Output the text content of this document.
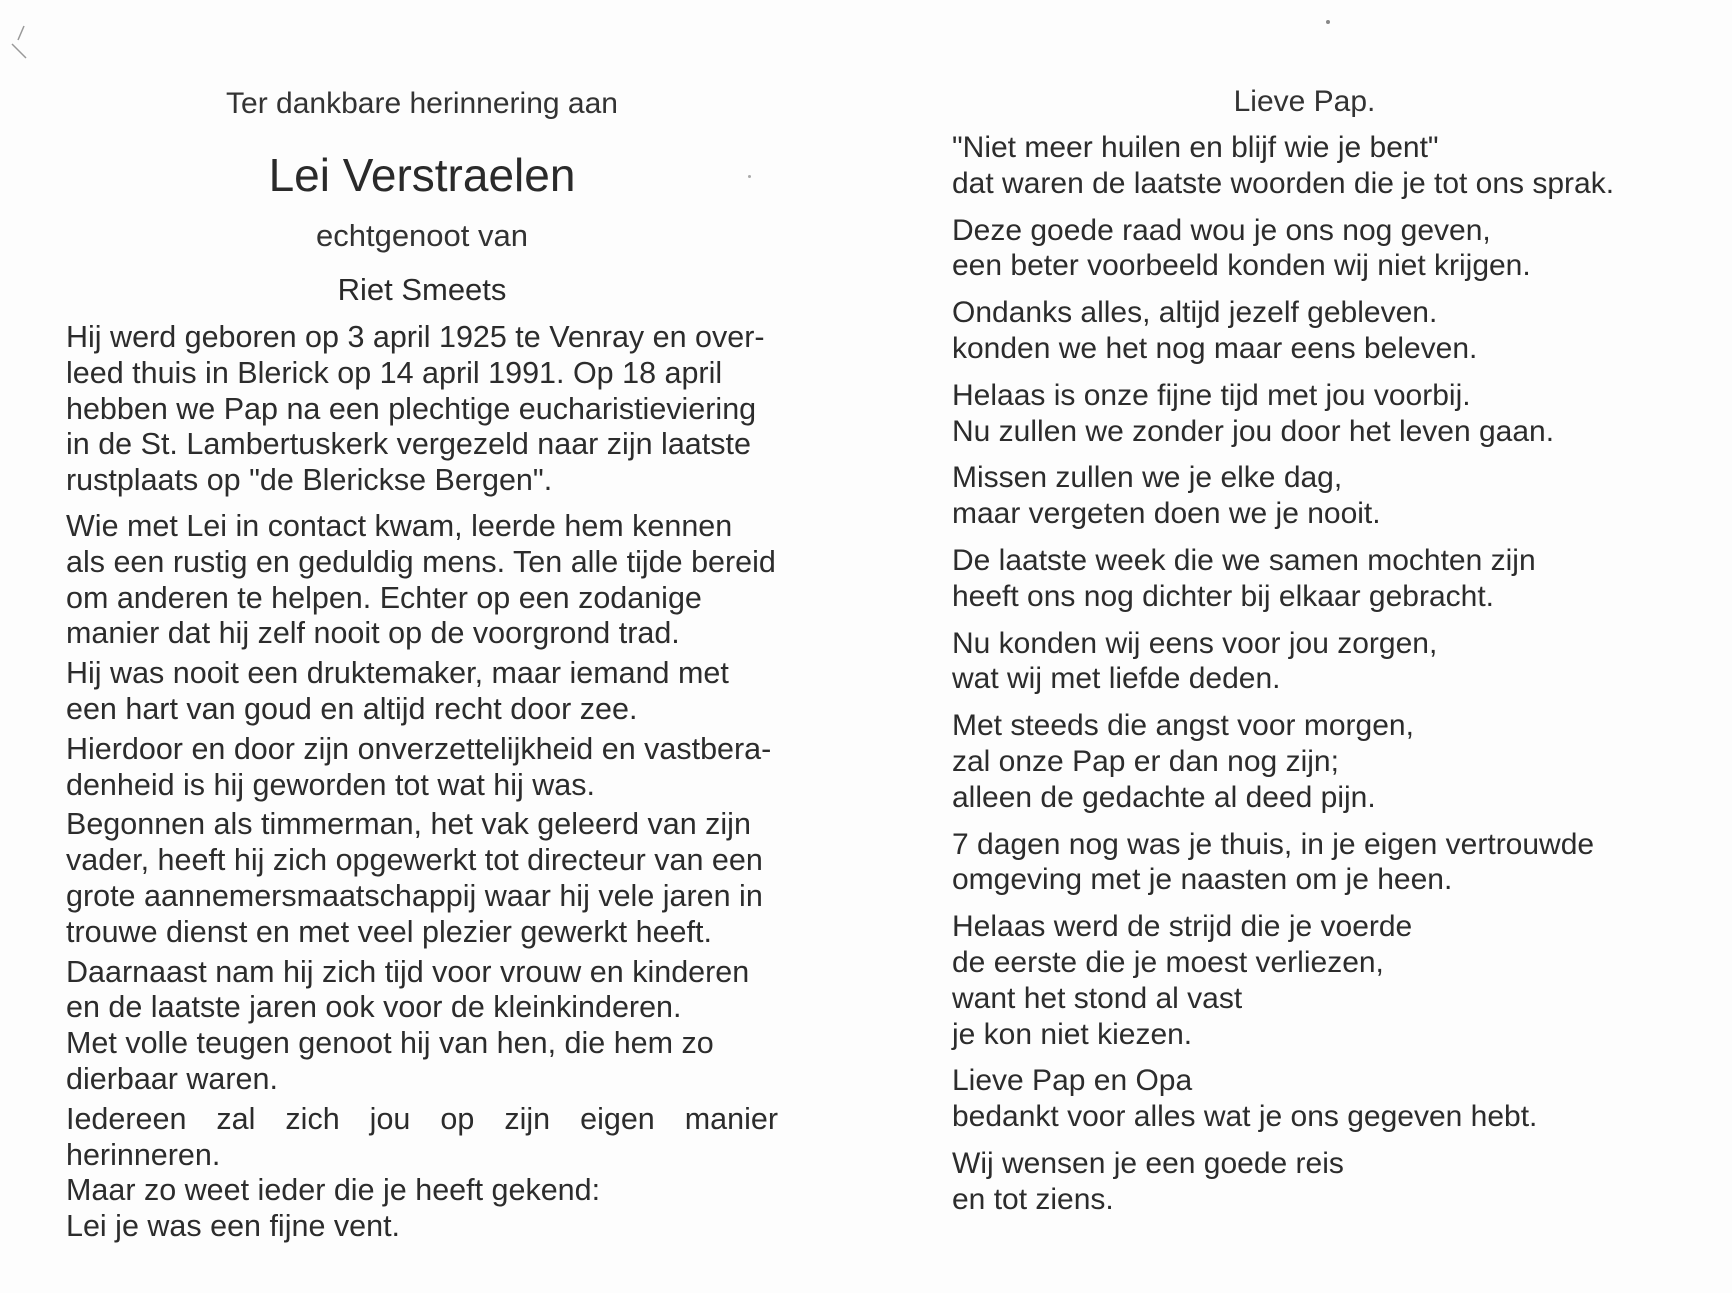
Ter dankbare herinnering aan
Lei Verstraelen
echtgenoot van
Riet Smeets

Hij werd geboren op 3 april 1925 te Venray en over-
leed thuis in Blerick op 14 april 1991. Op 18 april
hebben we Pap na een plechtige eucharistieviering
in de St. Lambertuskerk vergezeld naar zijn laatste
rustplaats op "de Blerickse Bergen".

Wie met Lei in contact kwam, leerde hem kennen
als een rustig en geduldig mens. Ten alle tijde bereid
om anderen te helpen. Echter op een zodanige
manier dat hij zelf nooit op de voorgrond trad.

Hij was nooit een druktemaker, maar iemand met
een hart van goud en altijd recht door zee.

Hierdoor en door zijn onverzettelijkheid en vastbera-
denheid is hij geworden tot wat hij was.

Begonnen als timmerman, het vak geleerd van zijn
vader, heeft hij zich opgewerkt tot directeur van een
grote aannemersmaatschappij waar hij vele jaren in
trouwe dienst en met veel plezier gewerkt heeft.

Daarnaast nam hij zich tijd voor vrouw en kinderen
en de laatste jaren ook voor de kleinkinderen.
Met volle teugen genoot hij van hen, die hem zo
dierbaar waren.

Iedereen zal zich jou op zijn eigen manier herinneren.
Maar zo weet ieder die je heeft gekend:
Lei je was een fijne vent.

Lieve Pap.

"Niet meer huilen en blijf wie je bent"
dat waren de laatste woorden die je tot ons sprak.

Deze goede raad wou je ons nog geven,
een beter voorbeeld konden wij niet krijgen.

Ondanks alles, altijd jezelf gebleven.
konden we het nog maar eens beleven.

Helaas is onze fijne tijd met jou voorbij.
Nu zullen we zonder jou door het leven gaan.

Missen zullen we je elke dag,
maar vergeten doen we je nooit.

De laatste week die we samen mochten zijn
heeft ons nog dichter bij elkaar gebracht.

Nu konden wij eens voor jou zorgen,
wat wij met liefde deden.

Met steeds die angst voor morgen,
zal onze Pap er dan nog zijn;
alleen de gedachte al deed pijn.

7 dagen nog was je thuis, in je eigen vertrouwde
omgeving met je naasten om je heen.

Helaas werd de strijd die je voerde
de eerste die je moest verliezen,
want het stond al vast
je kon niet kiezen.

Lieve Pap en Opa
bedankt voor alles wat je ons gegeven hebt.

Wij wensen je een goede reis
en tot ziens.
